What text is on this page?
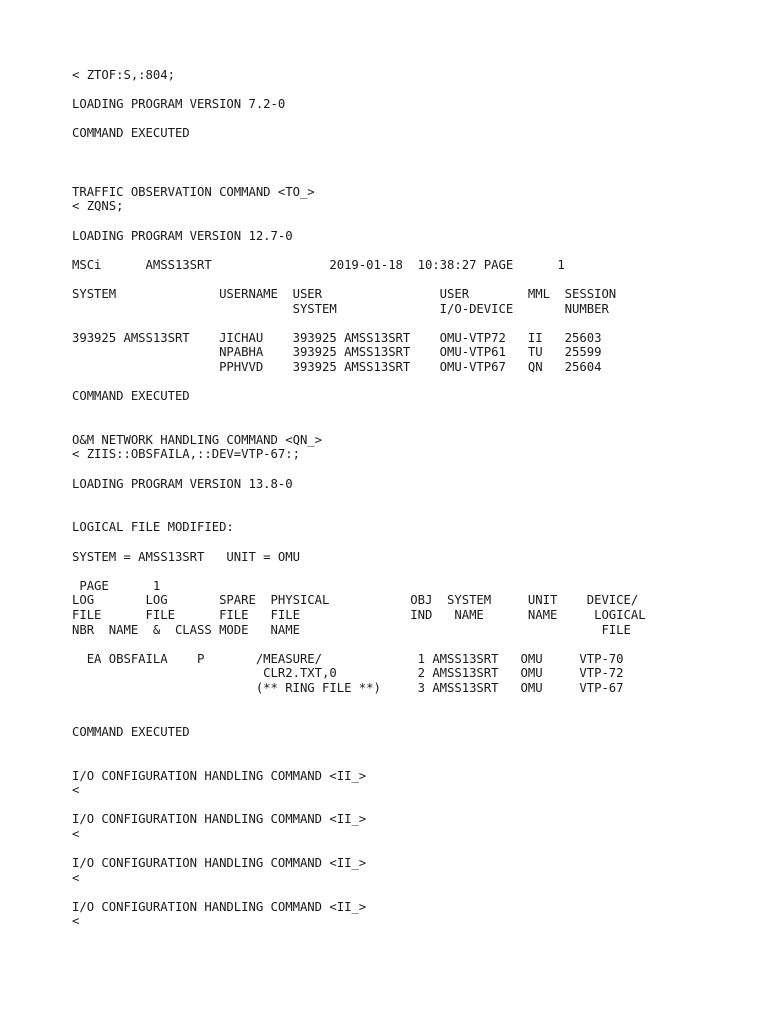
< ZTOF:S,:804;
LOADING PROGRAM VERSION 7.2-0
COMMAND EXECUTED
TRAFFIC OBSERVATION COMMAND <TO_>
< ZQNS;
LOADING PROGRAM VERSION 12.7-0
MSCi      AMSS13SRT                2019-01-18  10:38:27 PAGE      1
SYSTEM              USERNAME  USER                USER        MML  SESSION
SYSTEM              I/O-DEVICE       NUMBER
393925 AMSS13SRT    JICHAU    393925 AMSS13SRT    OMU-VTP72   II   25603
NPABHA    393925 AMSS13SRT    OMU-VTP61   TU   25599
PPHVVD    393925 AMSS13SRT    OMU-VTP67   QN   25604
COMMAND EXECUTED
O&M NETWORK HANDLING COMMAND <QN_>
< ZIIS::OBSFAILA,::DEV=VTP-67:;
LOADING PROGRAM VERSION 13.8-0
LOGICAL FILE MODIFIED:
SYSTEM = AMSS13SRT   UNIT = OMU
PAGE      1
LOG       LOG       SPARE  PHYSICAL           OBJ  SYSTEM     UNIT    DEVICE/
FILE      FILE      FILE   FILE               IND   NAME      NAME     LOGICAL
NBR  NAME  &  CLASS MODE   NAME                                         FILE
EA OBSFAILA    P       /MEASURE/             1 AMSS13SRT   OMU     VTP-70
CLR2.TXT,0           2 AMSS13SRT   OMU     VTP-72
(** RING FILE **)     3 AMSS13SRT   OMU     VTP-67
COMMAND EXECUTED
I/O CONFIGURATION HANDLING COMMAND <II_>
<
I/O CONFIGURATION HANDLING COMMAND <II_>
<
I/O CONFIGURATION HANDLING COMMAND <II_>
<
I/O CONFIGURATION HANDLING COMMAND <II_>
<
